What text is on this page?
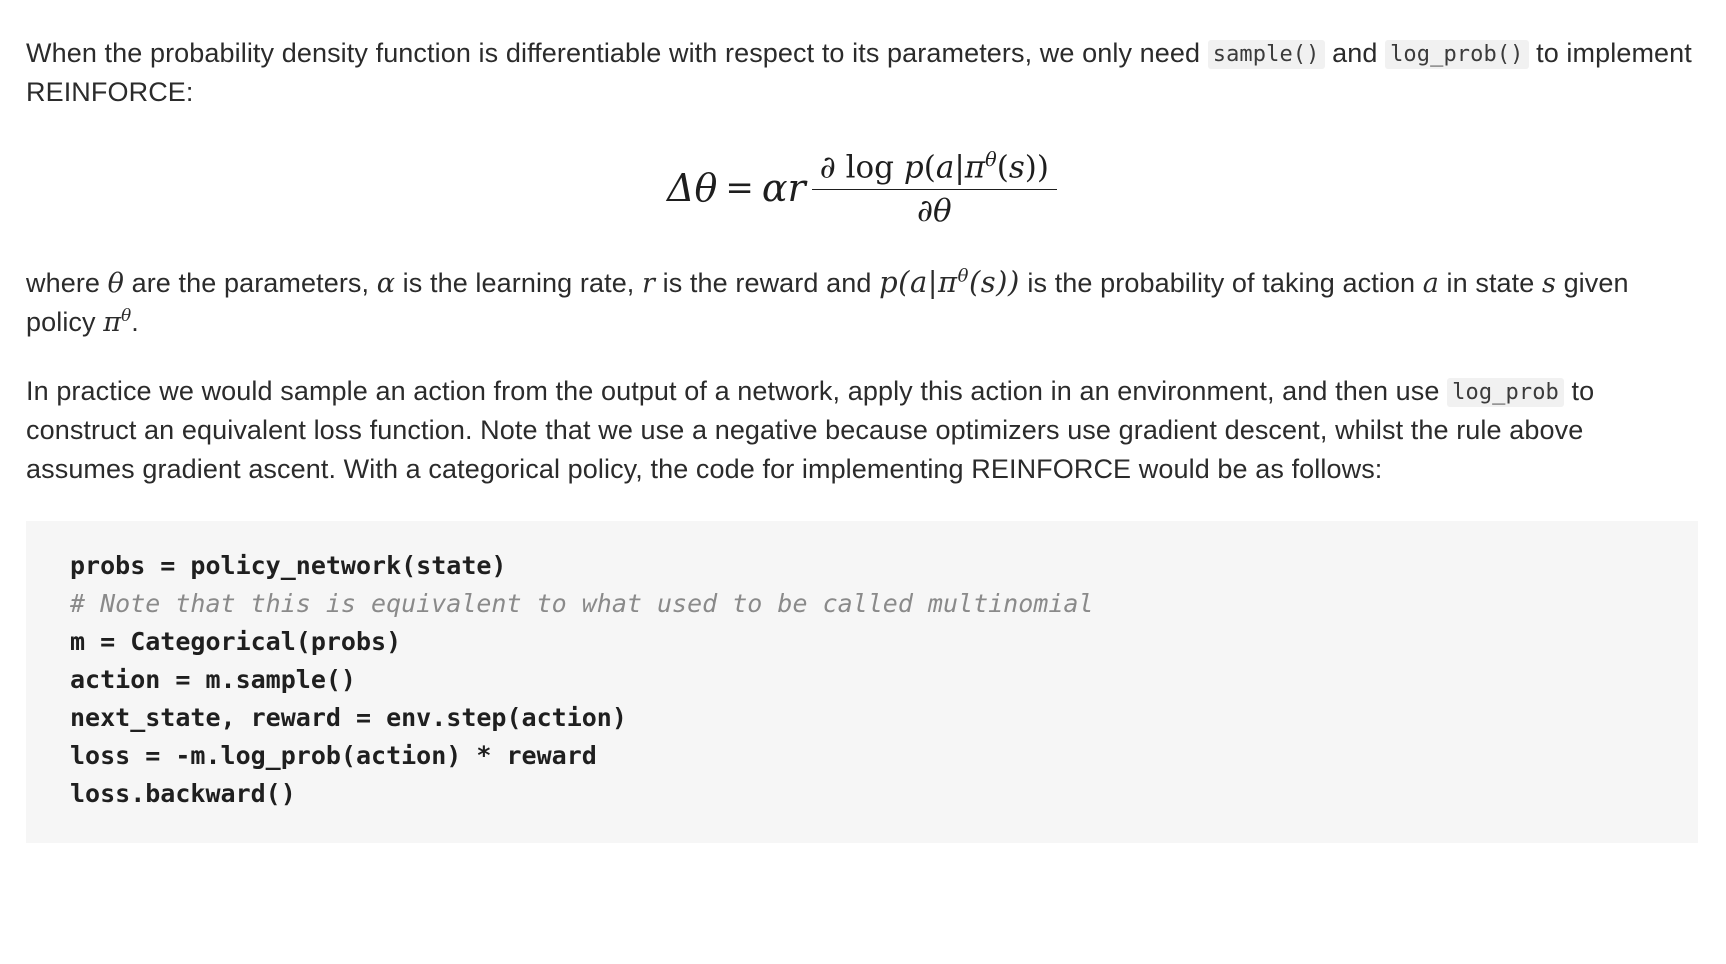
When the probability density function is differentiable with respect to its parameters, we only need sample() and log_prob() to implement REINFORCE:

Δθ = αr $\frac{\partial \log p(a|\pi^\theta(s))}{\partial\theta}$

where θ are the parameters, α is the learning rate, r is the reward and $p(a|\pi^\theta(s))$ is the probability of taking action a in state s given policy $\pi^\theta$.

In practice we would sample an action from the output of a network, apply this action in an environment, and then use log_prob to construct an equivalent loss function. Note that we use a negative because optimizers use gradient descent, whilst the rule above assumes gradient ascent. With a categorical policy, the code for implementing REINFORCE would be as follows:

probs = policy_network(state)
# Note that this is equivalent to what used to be called multinomial
m = Categorical(probs)
action = m.sample()
next_state, reward = env.step(action)
loss = -m.log_prob(action) * reward
loss.backward()
